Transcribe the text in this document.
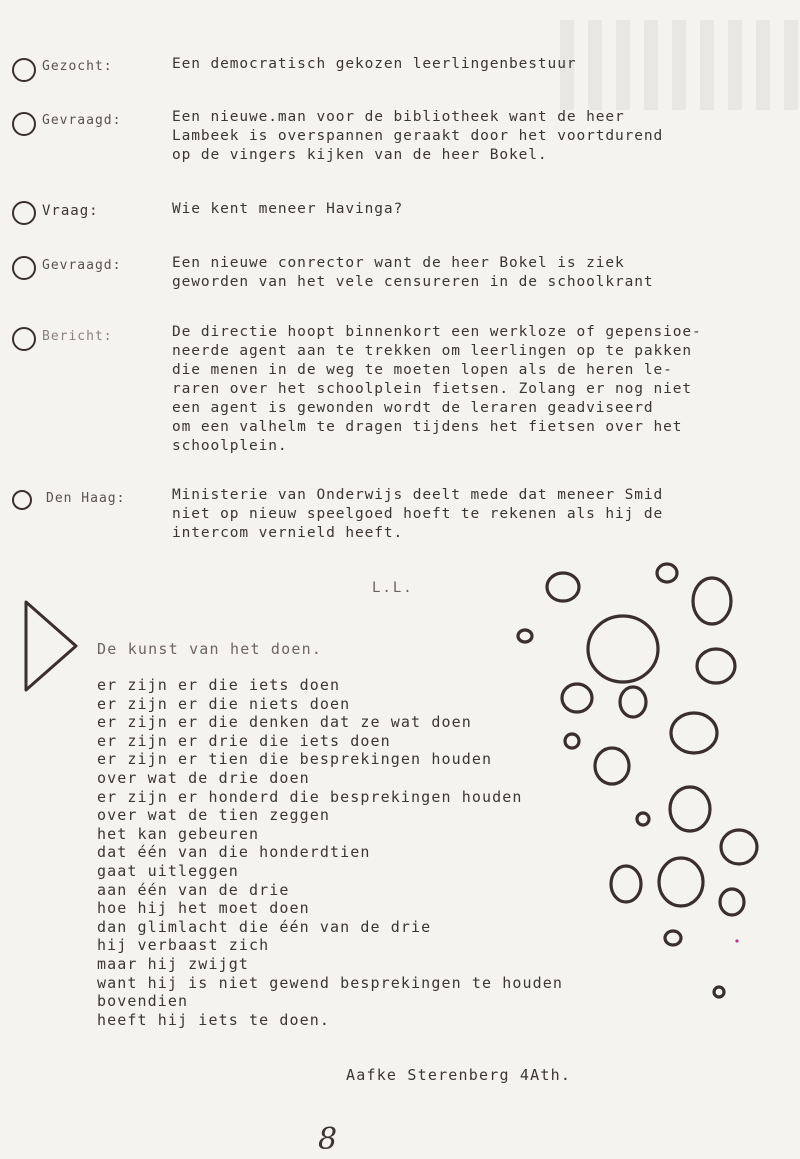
Gezocht:	Een democratisch gekozen leerlingenbestuur
Gevraagd:	Een nieuwe.man voor de bibliotheek want de heer
Lambeek is overspannen geraakt door het voortdurend
op de vingers kijken van de heer Bokel.
Vraag:	Wie kent meneer Havinga?
Gevraagd:	Een nieuwe conrector want de heer Bokel is ziek
geworden van het vele censureren in de schoolkrant
Bericht:	De directie hoopt binnenkort een werkloze of gepensioe-
neerde agent aan te trekken om leerlingen op te pakken
die menen in de weg te moeten lopen als de heren le-
raren over het schoolplein fietsen. Zolang er nog niet
een agent is gewonden wordt de leraren geadviseerd
om een valhelm te dragen tijdens het fietsen over het
schoolplein.
Den Haag:	Ministerie van Onderwijs deelt mede dat meneer Smid
niet op nieuw speelgoed hoeft te rekenen als hij de
intercom vernield heeft.
L.L.
De kunst van het doen.
er zijn er die iets doen
er zijn er die niets doen
er zijn er die denken dat ze wat doen
er zijn er drie die iets doen
er zijn er tien die besprekingen houden
over wat de drie doen
er zijn er honderd die besprekingen houden
over wat de tien zeggen
het kan gebeuren
dat één van die honderdtien
gaat uitleggen
aan één van de drie
hoe hij het moet doen
dan glimlacht die één van de drie
hij verbaast zich
maar hij zwijgt
want hij is niet gewend besprekingen te houden
bovendien
heeft hij iets te doen.
Aafke Sterenberg 4Ath.
8
